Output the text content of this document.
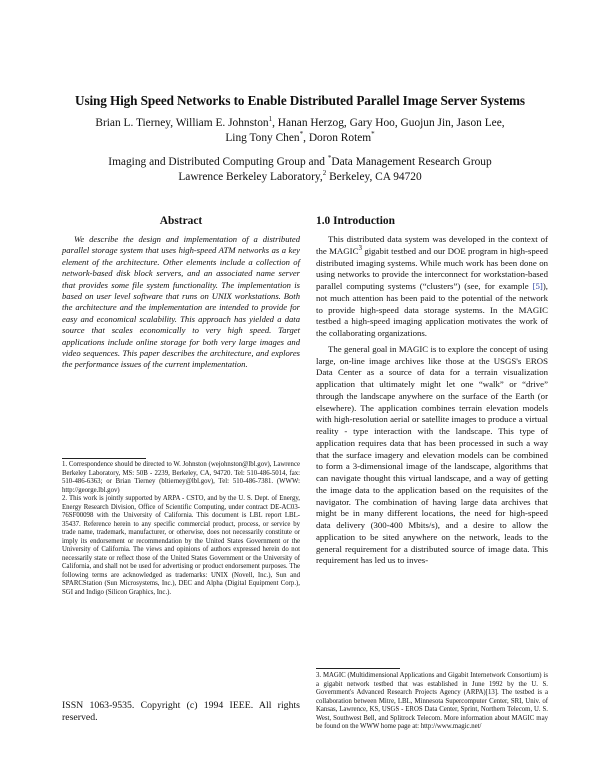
Using High Speed Networks to Enable Distributed Parallel Image Server Systems
Brian L. Tierney, William E. Johnston$^1$, Hanan Herzog, Gary Hoo, Guojun Jin, Jason Lee,
Ling Tony Chen*, Doron Rotem*
Imaging and Distributed Computing Group and *Data Management Research Group
Lawrence Berkeley Laboratory,$^2$ Berkeley, CA 94720
Abstract

We describe the design and implementation of a distributed parallel storage system that uses high-speed ATM networks as a key element of the architecture. Other elements include a collection of network-based disk block servers, and an associated name server that provides some file system functionality. The implementation is based on user level software that runs on UNIX workstations. Both the architecture and the implementation are intended to provide for easy and economical scalability. This approach has yielded a data source that scales economically to very high speed. Target applications include online storage for both very large images and video sequences. This paper describes the architecture, and explores the performance issues of the current implementation.

1. Correspondence should be directed to W. Johnston (wejohnston@lbl.gov), Lawrence Berkeley Laboratory, MS: 50B - 2239, Berkeley, CA, 94720. Tel: 510-486-5014, fax: 510-486-6363; or Brian Tierney (bltierney@lbl.gov), Tel: 510-486-7381. (WWW: http://george.lbl.gov)

2. This work is jointly supported by ARPA - CSTO, and by the U. S. Dept. of Energy, Energy Research Division, Office of Scientific Computing, under contract DE-AC03-76SF00098 with the University of California. This document is LBL report LBL-35437. Reference herein to any specific commercial product, process, or service by trade name, trademark, manufacturer, or otherwise, does not necessarily constitute or imply its endorsement or recommendation by the United States Government or the University of California. The views and opinions of authors expressed herein do not necessarily state or reflect those of the United States Government or the University of California, and shall not be used for advertising or product endorsement purposes. The following terms are acknowledged as trademarks: UNIX (Novell, Inc.), Sun and SPARCStation (Sun Microsystems, Inc.), DEC and Alpha (Digital Equipment Corp.), SGI and Indigo (Silicon Graphics, Inc.).

ISSN 1063-9535. Copyright (c) 1994 IEEE. All rights reserved.
1.0 Introduction

This distributed data system was developed in the context of the MAGIC$^3$ gigabit testbed and our DOE program in high-speed distributed imaging systems. While much work has been done on using networks to provide the interconnect for workstation-based parallel computing systems (“clusters”) (see, for example [5]), not much attention has been paid to the potential of the network to provide high-speed data storage systems. In the MAGIC testbed a high-speed imaging application motivates the work of the collaborating organizations.

The general goal in MAGIC is to explore the concept of using large, on-line image archives like those at the USGS's EROS Data Center as a source of data for a terrain visualization application that ultimately might let one “walk” or “drive” through the landscape anywhere on the surface of the Earth (or elsewhere). The application combines terrain elevation models with high-resolution aerial or satellite images to produce a virtual reality - type interaction with the landscape. This type of application requires data that has been processed in such a way that the surface imagery and elevation models can be combined to form a 3-dimensional image of the landscape, algorithms that can navigate thought this virtual landscape, and a way of getting the image data to the application based on the requisites of the navigator. The combination of having large data archives that might be in many different locations, the need for high-speed data delivery (300-400 Mbits/s), and a desire to allow the application to be sited anywhere on the network, leads to the general requirement for a distributed source of image data. This requirement has led us to inves-

3. MAGIC (Multidimensional Applications and Gigabit Internetwork Consortium) is a gigabit network testbed that was established in June 1992 by the U. S. Government's Advanced Research Projects Agency (ARPA)[13]. The testbed is a collaboration between Mitre, LBL, Minnesota Supercomputer Center, SRI, Univ. of Kansas, Lawrence, KS, USGS - EROS Data Center, Sprint, Northern Telecom, U. S. West, Southwest Bell, and Splitrock Telecom. More information about MAGIC may be found on the WWW home page at: http://www.magic.net/
